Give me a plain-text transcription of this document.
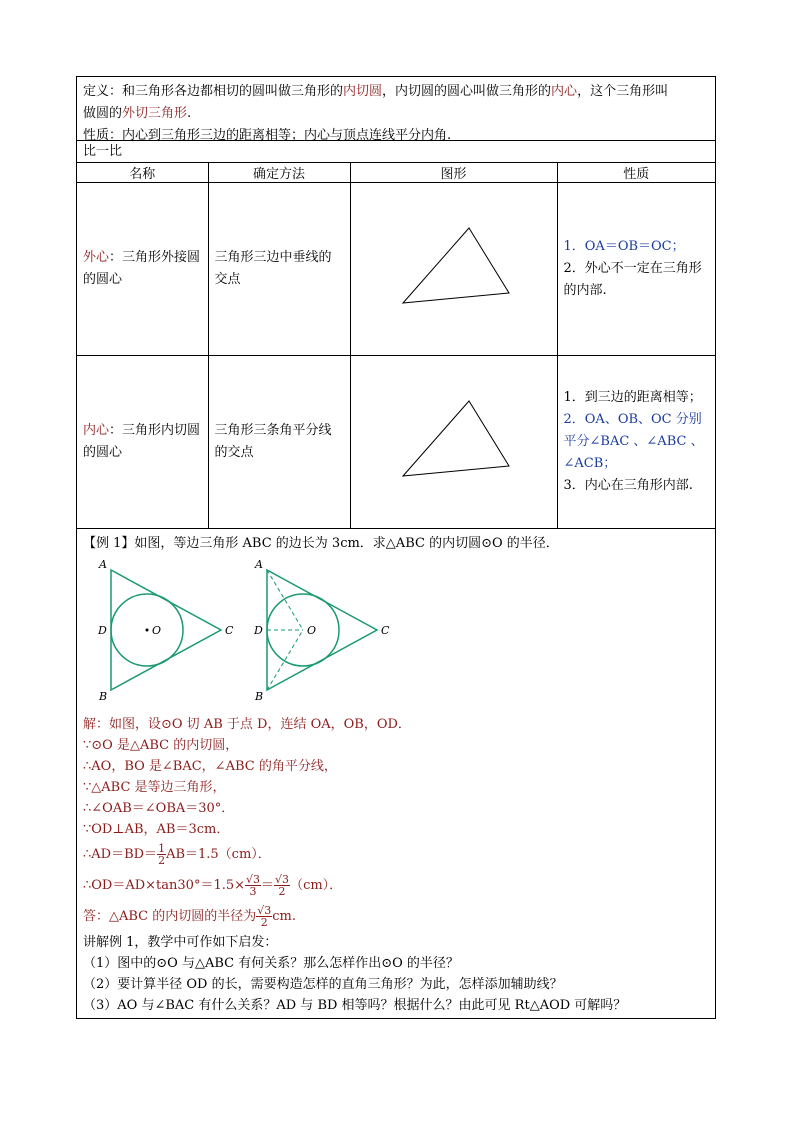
定义：和三角形各边都相切的圆叫做三角形的内切圆，内切圆的圆心叫做三角形的内心，这个三角形叫
做圆的外切三角形.
性质：内心到三角形三边的距离相等；内心与顶点连线平分内角.
比一比
名称	确定方法	图形	性质
外心：三角形外接圆的圆心	三角形三边中垂线的交点		1．OA＝OB＝OC；
2．外心不一定在三角形的内部.

内心：三角形内切圆的圆心	三角形三条角平分线的交点		1．到三边的距离相等；
2．OA、OB、OC 分别平分∠BAC 、∠ABC 、∠ACB；
3．内心在三角形内部.
【例 1】如图，等边三角形 ABC 的边长为 3cm．求△ABC 的内切圆⊙O 的半径．
A
B
C
D	O
A
B
C
D	O
解：如图，设⊙O 切 AB 于点 D，连结 OA，OB，OD．
∵⊙O 是△ABC 的内切圆，
∴AO，BO 是∠BAC，∠ABC 的角平分线，
∵△ABC 是等边三角形，
∴∠OAB＝∠OBA＝30°．
∵OD⊥AB，AB＝3cm．
∴AD＝BD＝ $\frac{1}{2} AB=1.5(cm)$．
∴OD＝AD×tan30°＝1.5× $\frac{√3}{3} = \frac{√3}{2} (cm)$．
答：△ABC 的内切圆的半径为 $\frac{√3}{2}$ cm.
讲解例 1，教学中可作如下启发：
（1）图中的⊙O 与△ABC 有何关系？那么怎样作出⊙O 的半径？
（2）要计算半径 OD 的长，需要构造怎样的直角三角形？为此，怎样添加辅助线？
（3）AO 与∠BAC 有什么关系？AD 与 BD 相等吗？根据什么？由此可见 Rt△AOD 可解吗？
